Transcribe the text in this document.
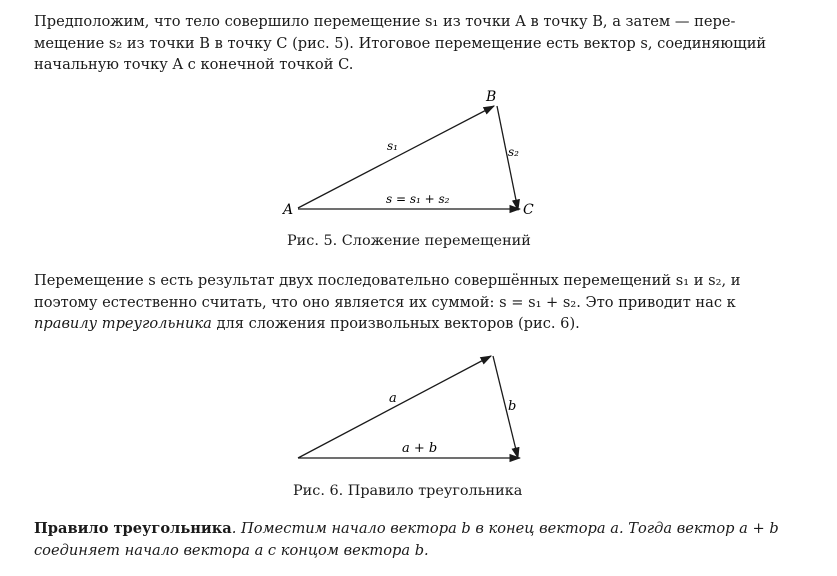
Предположим, что тело совершило перемещение s₁ из точки A в точку B, а затем — пере-
мещение s₂ из точки B в точку C (рис. 5). Итоговое перемещение есть вектор s, соединяющий
начальную точку A с конечной точкой C.
A
B
C
s₁	s₂
s = s₁ + s₂
a
b
a + b
Рис. 5. Сложение перемещений
Перемещение s есть результат двух последовательно совершённых перемещений s₁ и s₂, и
поэтому естественно считать, что оно является их суммой: s = s₁ + s₂. Это приводит нас к
правилу треугольника для сложения произвольных векторов (рис. 6).
Рис. 6. Правило треугольника
Правило треугольника. Поместим начало вектора b в конец вектора a. Тогда вектор a + b
соединяет начало вектора a с концом вектора b.
